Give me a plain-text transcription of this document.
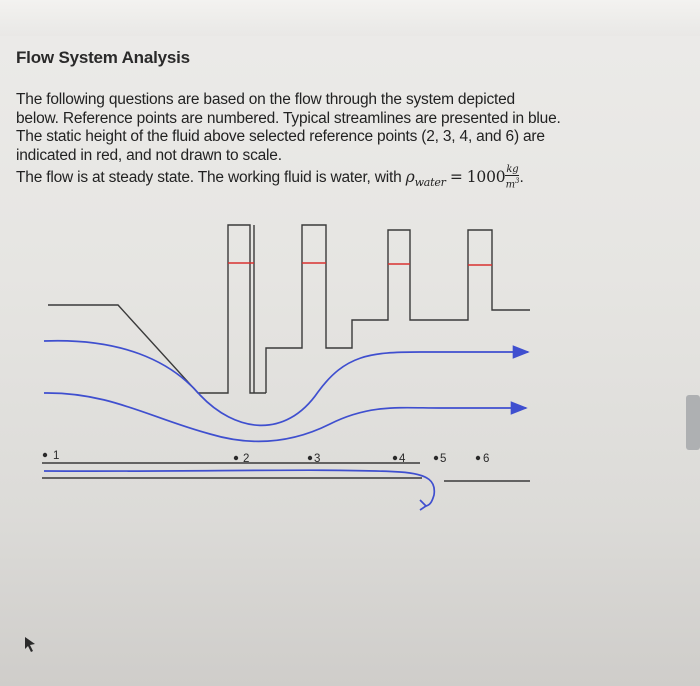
Flow System Analysis

The following questions are based on the flow through the system depicted

below. Reference points are numbered. Typical streamlines are presented in blue.

The static height of the fluid above selected reference points (2, 3, 4, and 6) are

indicated in red, and not drawn to scale.

The flow is at steady state. The working fluid is water, with $\rho_{water} = 1000 \frac{kg}{m^3}$ .

1	2	3	4	5	6
